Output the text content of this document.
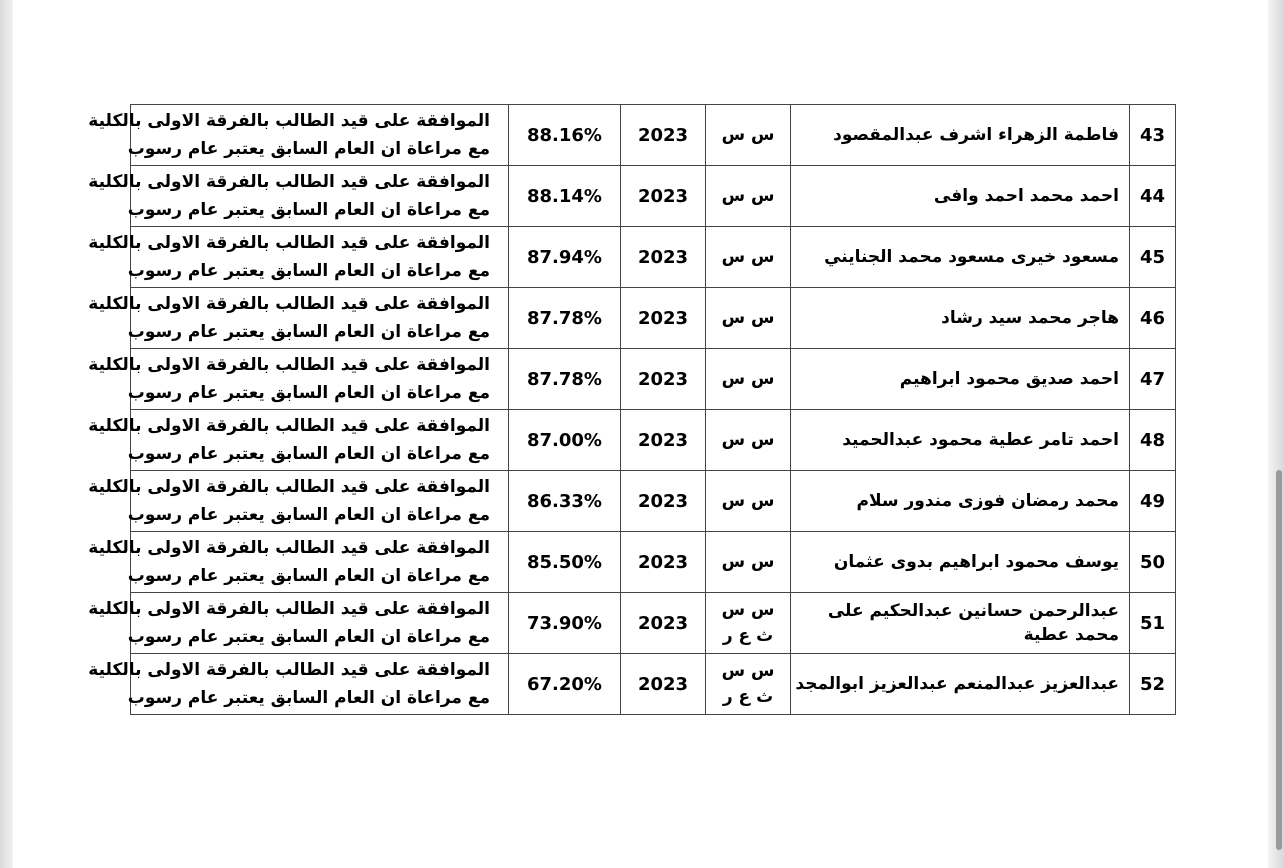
43	فاطمة الزهراء اشرف عبدالمقصود	س س	2023	88.16%	الموافقة على قيد الطالب بالفرقة الاولى بالكلية
مع مراعاة ان العام السابق يعتبر عام رسوب

44	احمد محمد احمد وافى	س س	2023	88.14%	الموافقة على قيد الطالب بالفرقة الاولى بالكلية
مع مراعاة ان العام السابق يعتبر عام رسوب

45	مسعود خيرى مسعود محمد الجنايني	س س	2023	87.94%	الموافقة على قيد الطالب بالفرقة الاولى بالكلية
مع مراعاة ان العام السابق يعتبر عام رسوب

46	هاجر محمد سيد رشاد	س س	2023	87.78%	الموافقة على قيد الطالب بالفرقة الاولى بالكلية
مع مراعاة ان العام السابق يعتبر عام رسوب

47	احمد صديق محمود ابراهيم	س س	2023	87.78%	الموافقة على قيد الطالب بالفرقة الاولى بالكلية
مع مراعاة ان العام السابق يعتبر عام رسوب

48	احمد تامر عطية محمود عبدالحميد	س س	2023	87.00%	الموافقة على قيد الطالب بالفرقة الاولى بالكلية
مع مراعاة ان العام السابق يعتبر عام رسوب

49	محمد رمضان فوزى مندور سلام	س س	2023	86.33%	الموافقة على قيد الطالب بالفرقة الاولى بالكلية
مع مراعاة ان العام السابق يعتبر عام رسوب

50	يوسف محمود ابراهيم بدوى عثمان	س س	2023	85.50%	الموافقة على قيد الطالب بالفرقة الاولى بالكلية
مع مراعاة ان العام السابق يعتبر عام رسوب

51	عبدالرحمن حسانين عبدالحكيم على محمد عطية	س س
ث ع ر	2023	73.90%	الموافقة على قيد الطالب بالفرقة الاولى بالكلية
مع مراعاة ان العام السابق يعتبر عام رسوب

52	عبدالعزيز عبدالمنعم عبدالعزيز ابوالمجد	س س
ث ع ر	2023	67.20%	الموافقة على قيد الطالب بالفرقة الاولى بالكلية
مع مراعاة ان العام السابق يعتبر عام رسوب
